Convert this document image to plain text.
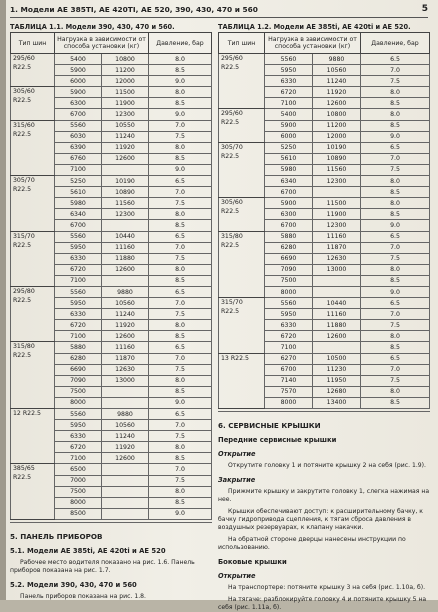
1. Модели AE 385TI, AE 420TI, AE 520, 390, 430, 470 и 560	5
ТАБЛИЦА 1.1. Модели 390, 430, 470 и 560.
Тип шин	Нагрузка в зависимости от способа установки (кг)		Давление, бар
295/60 R22.5	5400	10800	8.0
	5900	11200	8.5
	6000	12000	9.0
305/60 R22.5	5900	11500	8.0
	6300	11900	8.5
	6700	12300	9.0
315/60 R22.5	5560	10550	7.0
	6030	11240	7.5
	6390	11920	8.0
	6760	12600	8.5
	7100		9.0
305/70 R22.5	5250	10190	6.5
	5610	10890	7.0
	5980	11560	7.5
	6340	12300	8.0
	6700		8.5
315/70 R22.5	5560	10440	6.5
	5950	11160	7.0
	6330	11880	7.5
	6720	12600	8.0
	7100		8.5
295/80 R22.5	5560	9880	6.5
	5950	10560	7.0
	6330	11240	7.5
	6720	11920	8.0
	7100	12600	8.5
315/80 R22.5	5880	11160	6.5
	6280	11870	7.0
	6690	12630	7.5
	7090	13000	8.0
	7500		8.5
	8000		9.0
12 R22.5	5560	9880	6.5
	5950	10560	7.0
	6330	11240	7.5
	6720	11920	8.0
	7100	12600	8.5
385/65 R22.5	6500		7.0
	7000		7.5
	7500		8.0
	8000		8.5
	8500		9.0
5. ПАНЕЛЬ ПРИБОРОВ
5.1. Модели AE 385ti, AE 420ti и AE 520
Рабочее место водителя показано на рис. 1.6. Панель приборов показана на рис. 1.7.
5.2. Модели 390, 430, 470 и 560
Панель приборов показана на рис. 1.8.
ТАБЛИЦА 1.2. Модели AE 385ti, AE 420ti и AE 520.
Тип шин	Нагрузка в зависимости от способа установки (кг)		Давление, бар
295/60 R22.5	5560	9880	6.5
	5950	10560	7.0
	6330	11240	7.5
	6720	11920	8.0
	7100	12600	8.5
295/60 R22.5	5400	10800	8.0
	5900	11200	8.5
	6000	12000	9.0
305/70 R22.5	5250	10190	6.5
	5610	10890	7.0
	5980	11560	7.5
	6340	12300	8.0
	6700		8.5
305/60 R22.5	5900	11500	8.0
	6300	11900	8.5
	6700	12300	9.0
315/80 R22.5	5880	11160	6.5
	6280	11870	7.0
	6690	12630	7.5
	7090	13000	8.0
	7500		8.5
	8000		9.0
315/70 R22.5	5560	10440	6.5
	5950	11160	7.0
	6330	11880	7.5
	6720	12600	8.0
	7100		8.5
13 R22.5	6270	10500	6.5
	6700	11230	7.0
	7140	11950	7.5
	7570	12680	8.0
	8000	13400	8.5
6. СЕРВИСНЫЕ КРЫШКИ
Передние сервисные крышки
Открытие
Открутите головку 1 и потяните крышку 2 на себя (рис. 1.9).
Закрытие
Прижмите крышку и закрутите головку 1, слегка нажимая на нее.
Крышки обеспечивают доступ: к расширительному бачку, к бачку гидропривода сцепления, к тягам сброса давления в воздушных резервуарах, к клапану накачки.
На обратной стороне дверцы нанесены инструкции по использованию.
Боковые крышки
Открытие
На транспортере: потяните крышку 3 на себя (рис. 1.10a, б).
На тягаче: разблокируйте головку 4 и потяните крышку 5 на себя (рис. 1.11a, б).
